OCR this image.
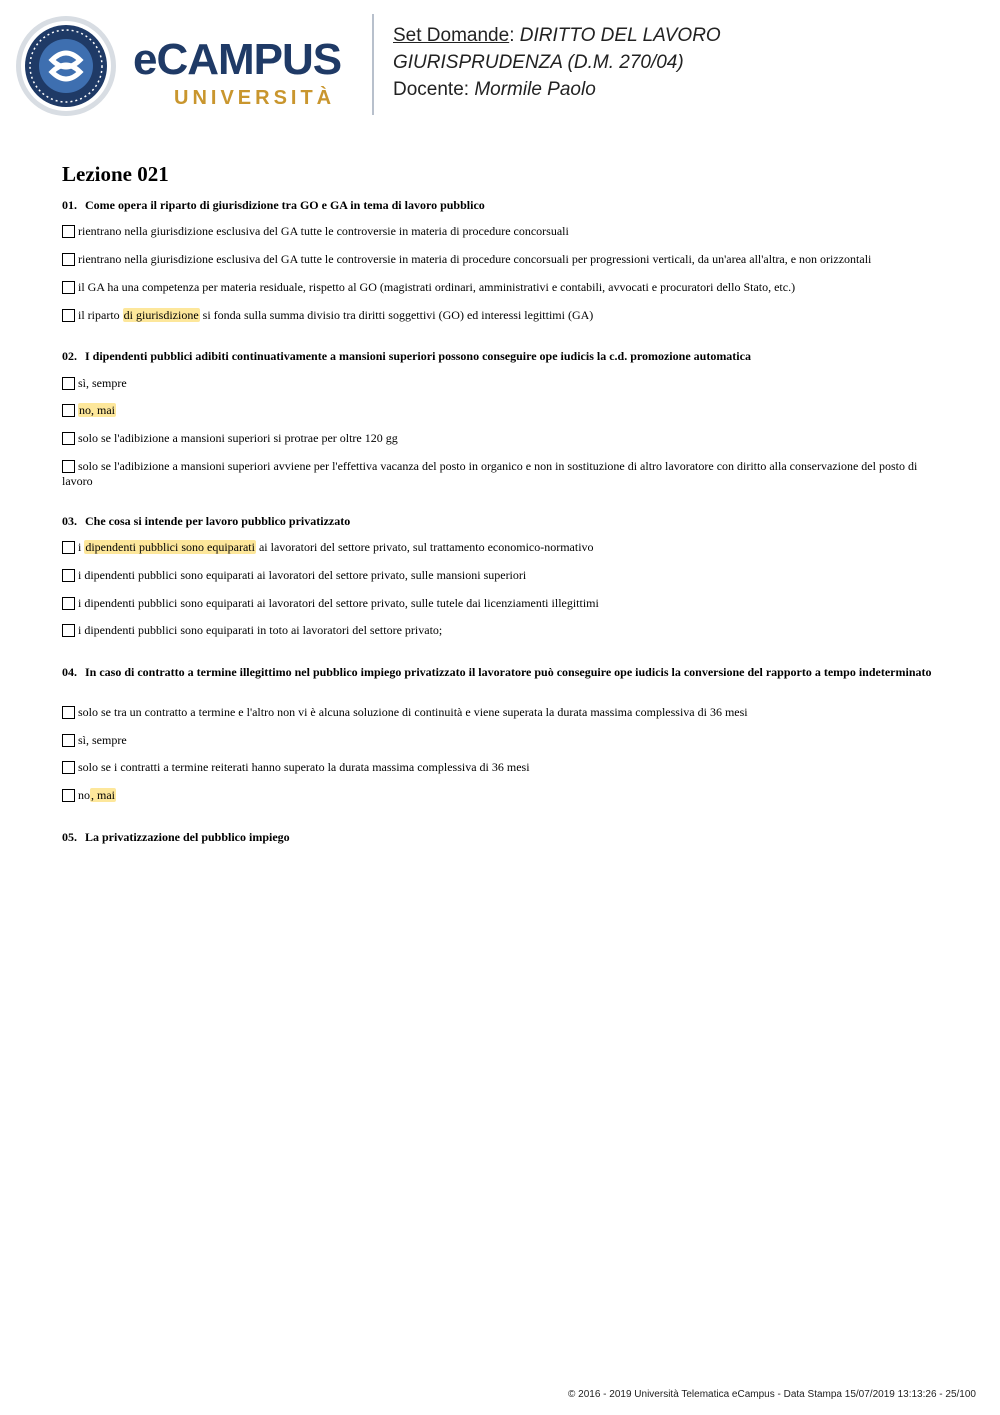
eCAMPUS
UNIVERSITÀ
Set Domande: DIRITTO DEL LAVORO
GIURISPRUDENZA (D.M. 270/04)
Docente: Mormile Paolo
Lezione 021
01. Come opera il riparto di giurisdizione tra GO e GA in tema di lavoro pubblico
rientrano nella giurisdizione esclusiva del GA tutte le controversie in materia di procedure concorsuali
rientrano nella giurisdizione esclusiva del GA tutte le controversie in materia di procedure concorsuali per progressioni verticali, da un'area all'altra, e non orizzontali
il GA ha una competenza per materia residuale, rispetto al GO (magistrati ordinari, amministrativi e contabili, avvocati e procuratori dello Stato, etc.)
il riparto di giurisdizione si fonda sulla summa divisio tra diritti soggettivi (GO) ed interessi legittimi (GA)
02. I dipendenti pubblici adibiti continuativamente a mansioni superiori possono conseguire ope iudicis la c.d. promozione automatica
sì, sempre
no, mai
solo se l'adibizione a mansioni superiori si protrae per oltre 120 gg
solo se l'adibizione a mansioni superiori avviene per l'effettiva vacanza del posto in organico e non in sostituzione di altro lavoratore con diritto alla conservazione del posto di lavoro
03. Che cosa si intende per lavoro pubblico privatizzato
i dipendenti pubblici sono equiparati ai lavoratori del settore privato, sul trattamento economico-normativo
i dipendenti pubblici sono equiparati ai lavoratori del settore privato, sulle mansioni superiori
i dipendenti pubblici sono equiparati ai lavoratori del settore privato, sulle tutele dai licenziamenti illegittimi
i dipendenti pubblici sono equiparati in toto ai lavoratori del settore privato;
04. In caso di contratto a termine illegittimo nel pubblico impiego privatizzato il lavoratore può conseguire ope iudicis la conversione del rapporto a tempo indeterminato
solo se tra un contratto a termine e l'altro non vi è alcuna soluzione di continuità e viene superata la durata massima complessiva di 36 mesi
sì, sempre
solo se i contratti a termine reiterati hanno superato la durata massima complessiva di 36 mesi
no, mai
05. La privatizzazione del pubblico impiego
© 2016 - 2019 Università Telematica eCampus - Data Stampa 15/07/2019 13:13:26 - 25/100
